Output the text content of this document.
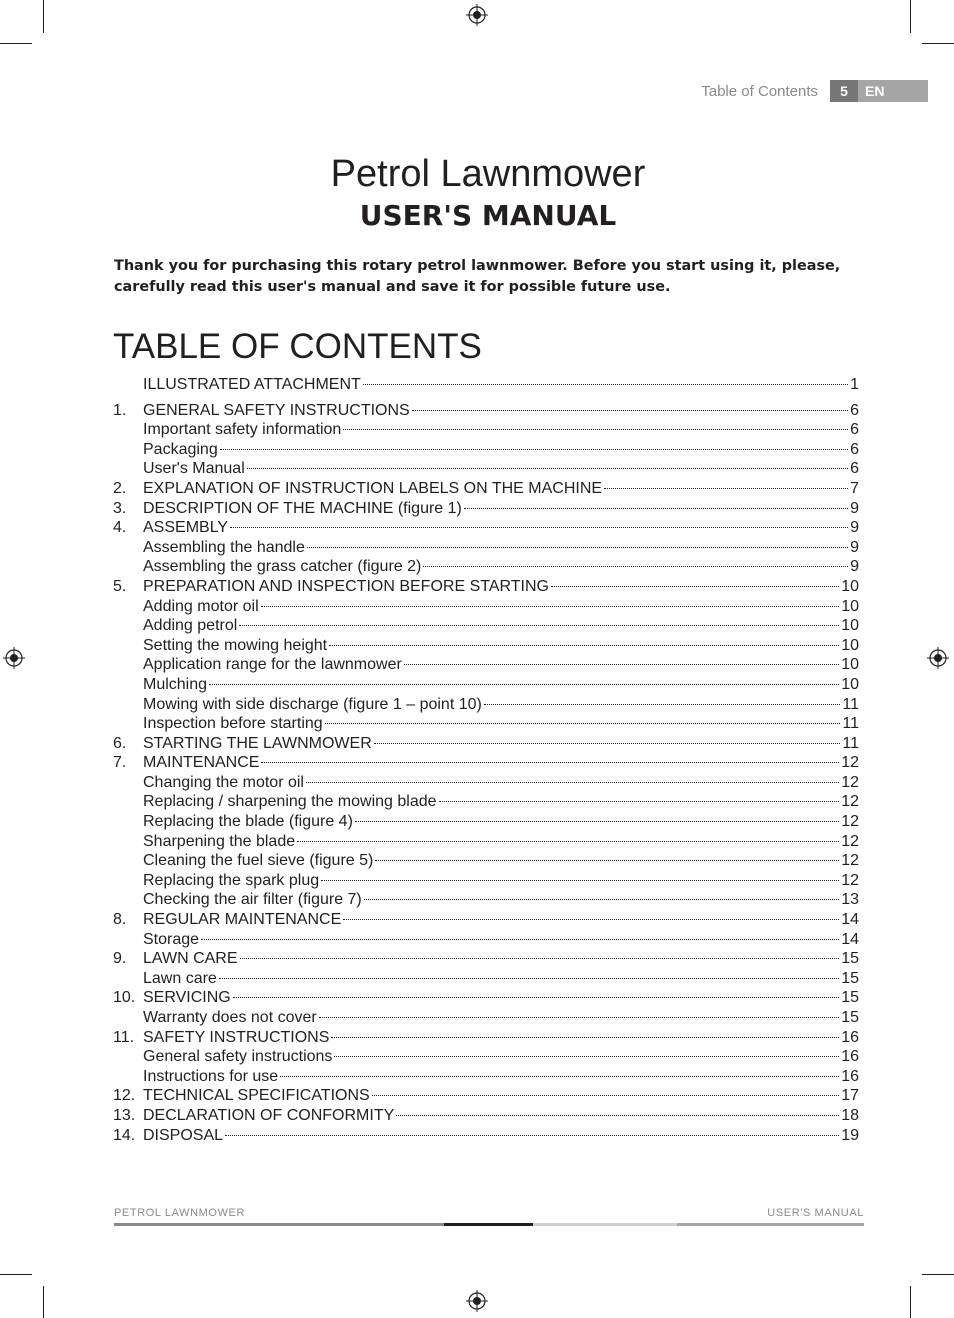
Table of Contents	5	EN
Petrol Lawnmower
USER'S MANUAL
Thank you for purchasing this rotary petrol lawnmower. Before you start using it, please, carefully read this user's manual and save it for possible future use.
TABLE OF CONTENTS
ILLUSTRATED ATTACHMENT	1
1.	GENERAL SAFETY INSTRUCTIONS	6
Important safety information	6
Packaging	6
User's Manual	6
2.	EXPLANATION OF INSTRUCTION LABELS ON THE MACHINE	7
3.	DESCRIPTION OF THE MACHINE (figure 1)	9
4.	ASSEMBLY	9
Assembling the handle	9
Assembling the grass catcher (figure 2)	9
5.	PREPARATION AND INSPECTION BEFORE STARTING	10
Adding motor oil	10
Adding petrol	10
Setting the mowing height	10
Application range for the lawnmower	10
Mulching	10
Mowing with side discharge (figure 1 – point 10)	11
Inspection before starting	11
6.	STARTING THE LAWNMOWER	11
7.	MAINTENANCE	12
Changing the motor oil	12
Replacing / sharpening the mowing blade	12
Replacing the blade (figure 4)	12
Sharpening the blade	12
Cleaning the fuel sieve (figure 5)	12
Replacing the spark plug	12
Checking the air filter (figure 7)	13
8.	REGULAR MAINTENANCE	14
Storage	14
9.	LAWN CARE	15
Lawn care	15
10. SERVICING	15
Warranty does not cover	15
11. SAFETY INSTRUCTIONS	16
General safety instructions	16
Instructions for use	16
12. TECHNICAL SPECIFICATIONS	17
13. DECLARATION OF CONFORMITY	18
14. DISPOSAL	19
PETROL LAWNMOWER	USER'S MANUAL
